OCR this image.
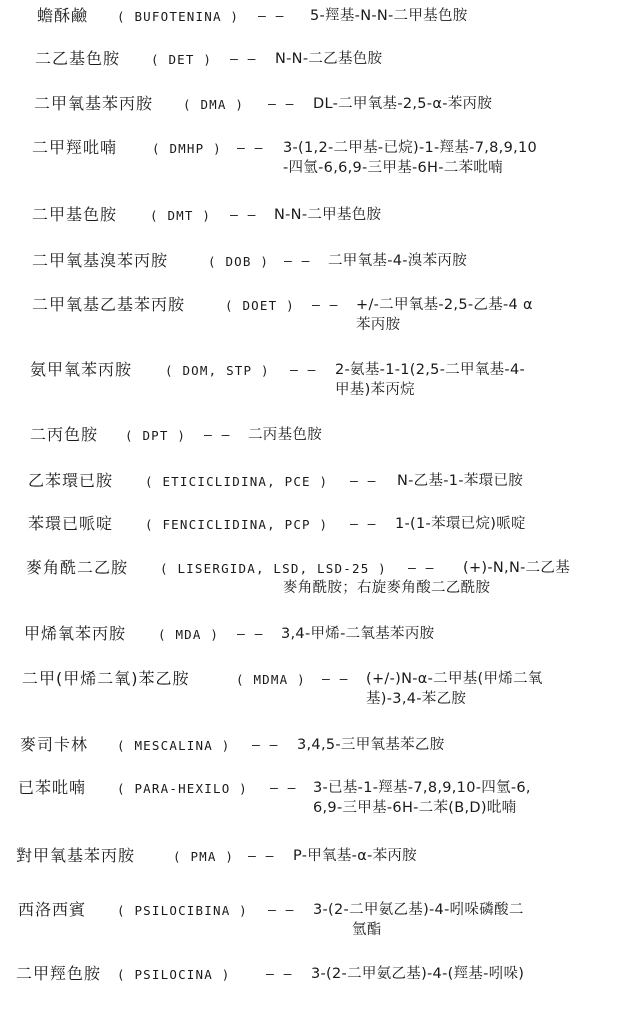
蟾酥鹼 ( BUFOTENINA ) — — 5-羥基-N-N-二甲基色胺
二乙基色胺 ( DET ) — — N-N-二乙基色胺
二甲氧基苯丙胺 ( DMA ) — — DL-二甲氧基-2,5-α-苯丙胺
二甲羥吡喃	( DMHP ) — — 3-(1,2-二甲基-已烷)-1-羥基-7,8,9,10
-四氫-6,6,9-三甲基-6H-二苯吡喃
二甲基色胺	( DMT ) — — N-N-二甲基色胺
二甲氧基溴苯丙胺	( DOB ) — — 二甲氧基-4-溴苯丙胺
二甲氧基乙基苯丙胺	( DOET ) — — +/-二甲氧基-2,5-乙基-4 α
苯丙胺
氨甲氧苯丙胺	( DOM, STP ) — — 2-氨基-1-1(2,5-二甲氧基-4-
甲基)苯丙烷
二丙色胺 ( DPT ) — — 二丙基色胺
乙苯環已胺	( ETICICLIDINA, PCE ) — — N-乙基-1-苯環已胺
苯環已哌啶	( FENCICLIDINA, PCP ) — — 1-(1-苯環已烷)哌啶
麥角酰二乙胺	( LISERGIDA, LSD, LSD-25 ) — — (+)-N,N-二乙基
麥角酰胺；右旋麥角酸二乙酰胺
甲烯氧苯丙胺	( MDA ) — — 3,4-甲烯-二氧基苯丙胺
二甲(甲烯二氧)苯乙胺	( MDMA ) — — (+/-)N-α-二甲基(甲烯二氧
基)-3,4-苯乙胺
麥司卡林 ( MESCALINA ) — — 3,4,5-三甲氧基苯乙胺
已苯吡喃 ( PARA-HEXILO ) — — 3-已基-1-羥基-7,8,9,10-四氫-6,
6,9-三甲基-6H-二苯(B,D)吡喃
對甲氧基苯丙胺	( PMA ) — — P-甲氧基-α-苯丙胺
西洛西賓 ( PSILOCIBINA ) — — 3-(2-二甲氨乙基)-4-吲哚磷酸二
氫酯
二甲羥色胺 ( PSILOCINA )	— — 3-(2-二甲氨乙基)-4-(羥基-吲哚)
